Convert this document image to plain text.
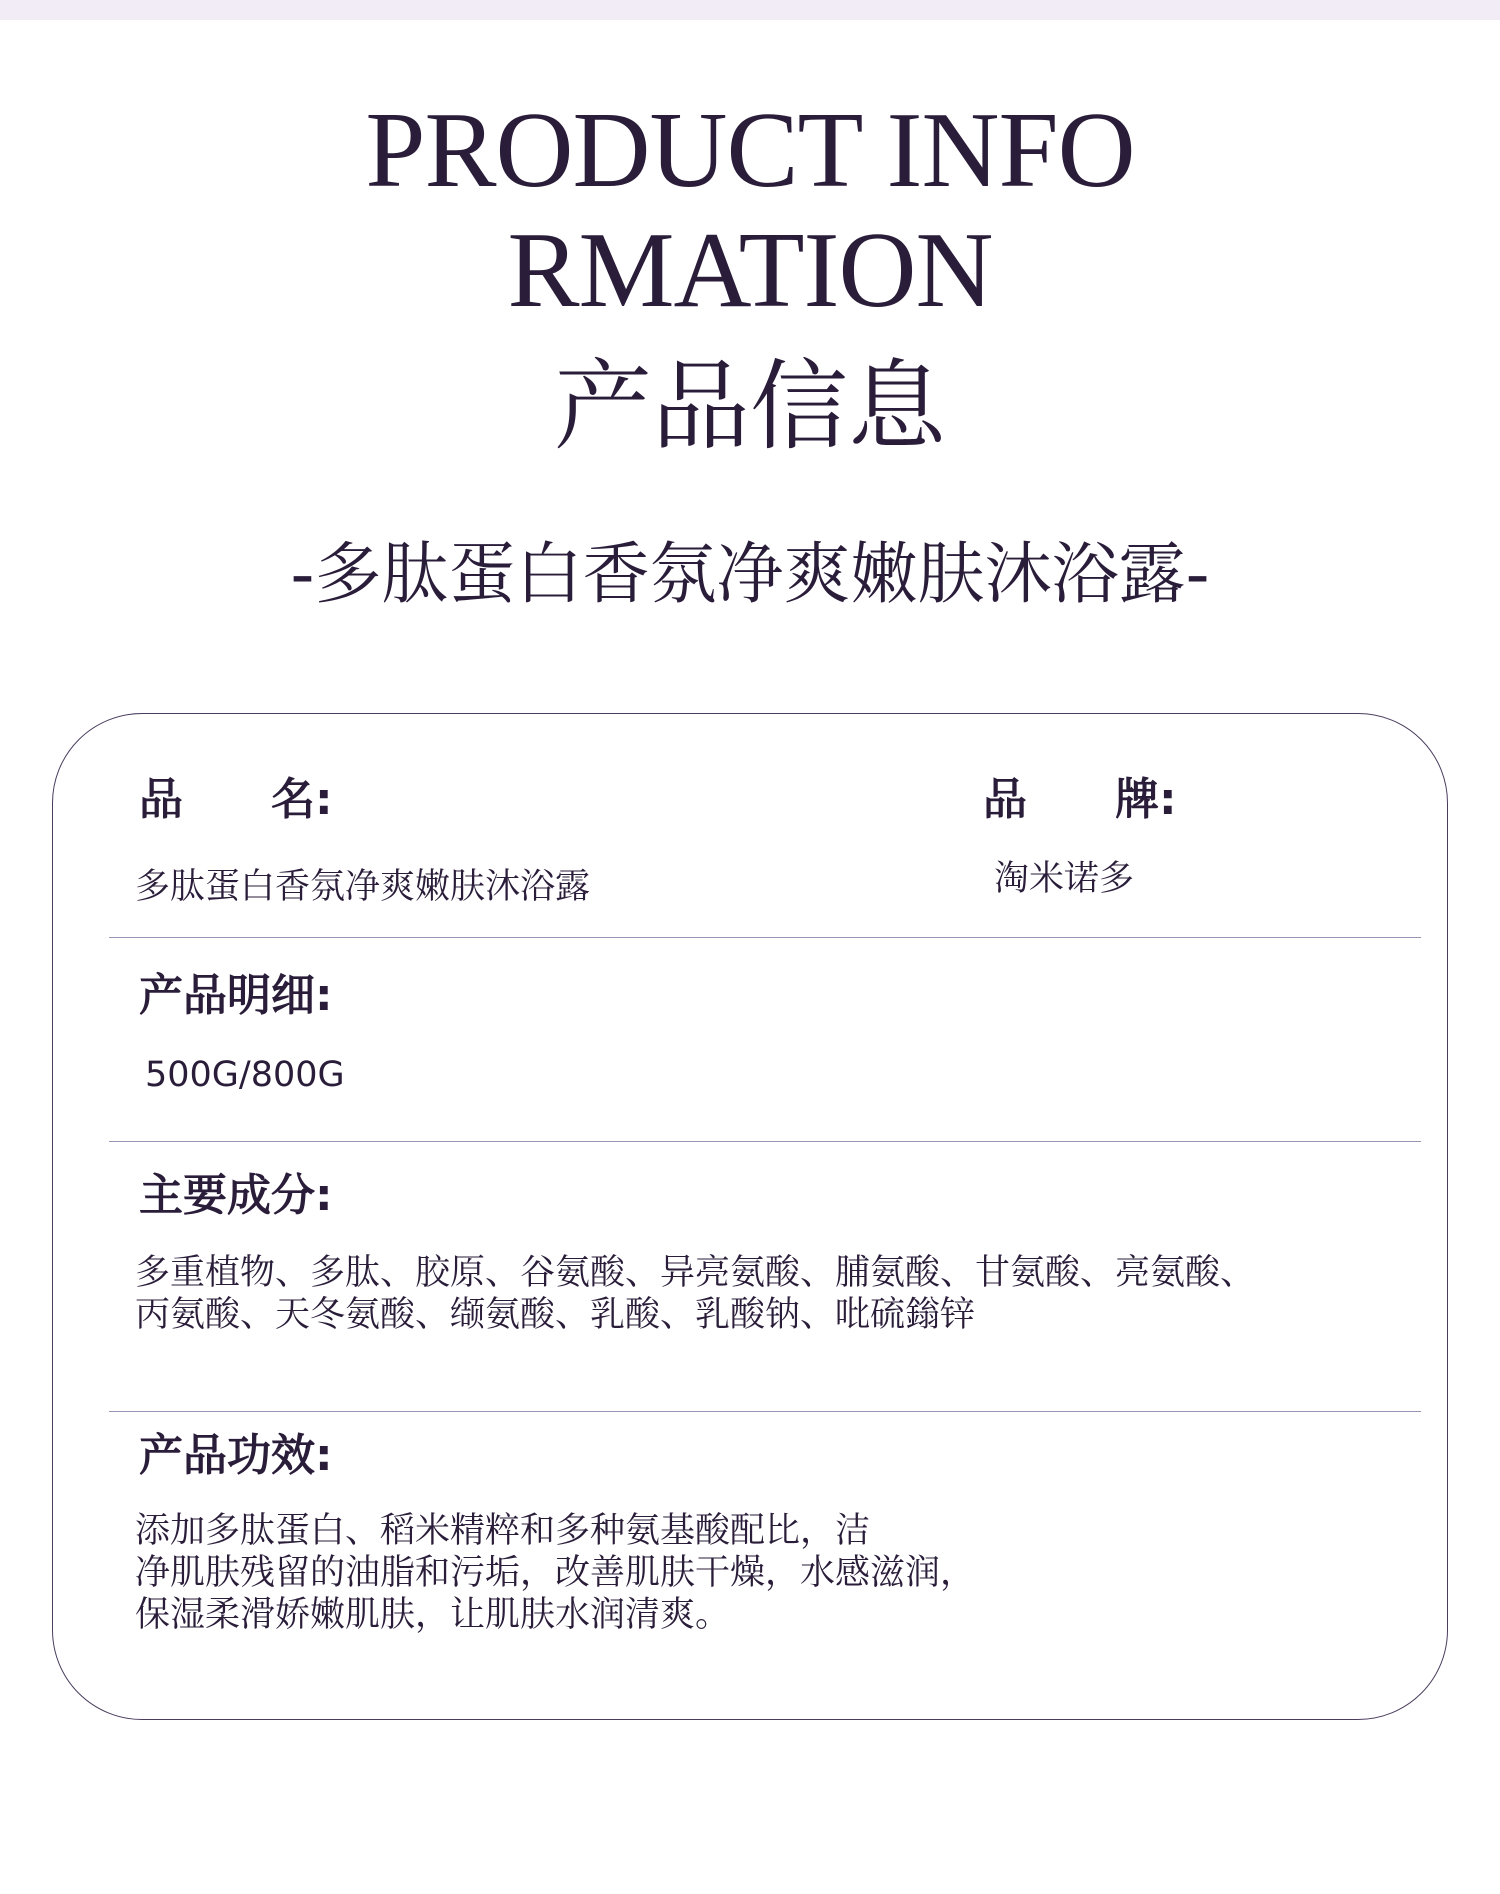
PRODUCT INFO
RMATION
产品信息
-多肽蛋白香氛净爽嫩肤沐浴露-
品　　名:
多肽蛋白香氛净爽嫩肤沐浴露
品　　牌:
淘米诺多
产品明细:
500G/800G
主要成分:
多重植物、多肽、胶原、谷氨酸、异亮氨酸、脯氨酸、甘氨酸、亮氨酸、
丙氨酸、天冬氨酸、缬氨酸、乳酸、乳酸钠、吡硫鎓锌
产品功效:
添加多肽蛋白、稻米精粹和多种氨基酸配比，洁
净肌肤残留的油脂和污垢，改善肌肤干燥，水感滋润，
保湿柔滑娇嫩肌肤，让肌肤水润清爽。
